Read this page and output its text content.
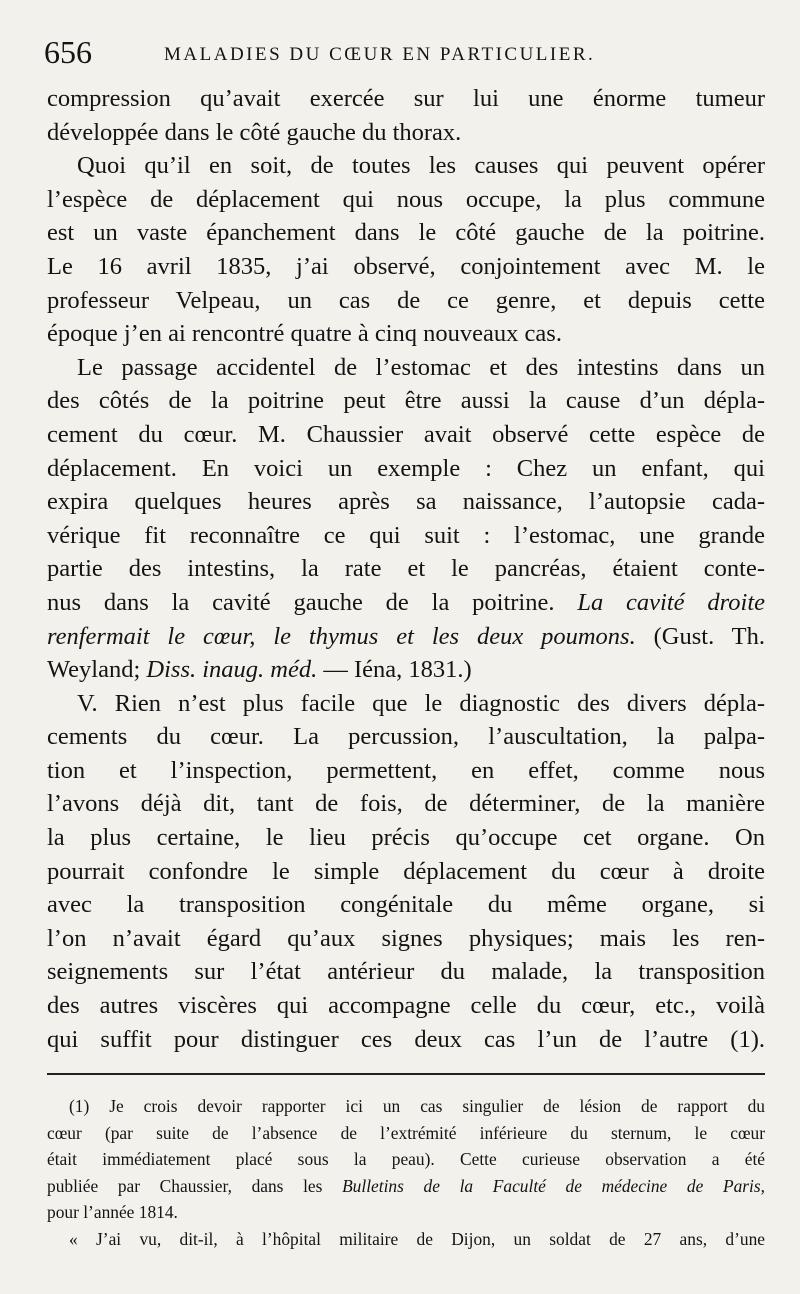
656	MALADIES DU CŒUR EN PARTICULIER.
compression qu’avait exercée sur lui une énorme tumeur
développée dans le côté gauche du thorax.
Quoi qu’il en soit, de toutes les causes qui peuvent opérer
l’espèce de déplacement qui nous occupe, la plus commune
est un vaste épanchement dans le côté gauche de la poitrine.
Le 16 avril 1835, j’ai observé, conjointement avec M. le
professeur Velpeau, un cas de ce genre, et depuis cette
époque j’en ai rencontré quatre à cinq nouveaux cas.
Le passage accidentel de l’estomac et des intestins dans un
des côtés de la poitrine peut être aussi la cause d’un dépla-
cement du cœur. M. Chaussier avait observé cette espèce de
déplacement. En voici un exemple : Chez un enfant, qui
expira quelques heures après sa naissance, l’autopsie cada-
vérique fit reconnaître ce qui suit : l’estomac, une grande
partie des intestins, la rate et le pancréas, étaient conte-
nus dans la cavité gauche de la poitrine. La cavité droite
renfermait le cœur, le thymus et les deux poumons. (Gust. Th.
Weyland; Diss. inaug. méd. — Iéna, 1831.)
V. Rien n’est plus facile que le diagnostic des divers dépla-
cements du cœur. La percussion, l’auscultation, la palpa-
tion et l’inspection, permettent, en effet, comme nous
l’avons déjà dit, tant de fois, de déterminer, de la manière
la plus certaine, le lieu précis qu’occupe cet organe. On
pourrait confondre le simple déplacement du cœur à droite
avec la transposition congénitale du même organe, si
l’on n’avait égard qu’aux signes physiques; mais les ren-
seignements sur l’état antérieur du malade, la transposition
des autres viscères qui accompagne celle du cœur, etc., voilà
qui suffit pour distinguer ces deux cas l’un de l’autre (1).
(1) Je crois devoir rapporter ici un cas singulier de lésion de rapport du
cœur (par suite de l’absence de l’extrémité inférieure du sternum, le cœur
était immédiatement placé sous la peau). Cette curieuse observation a été
publiée par Chaussier, dans les Bulletins de la Faculté de médecine de Paris,
pour l’année 1814.
« J’ai vu, dit-il, à l’hôpital militaire de Dijon, un soldat de 27 ans, d’une
